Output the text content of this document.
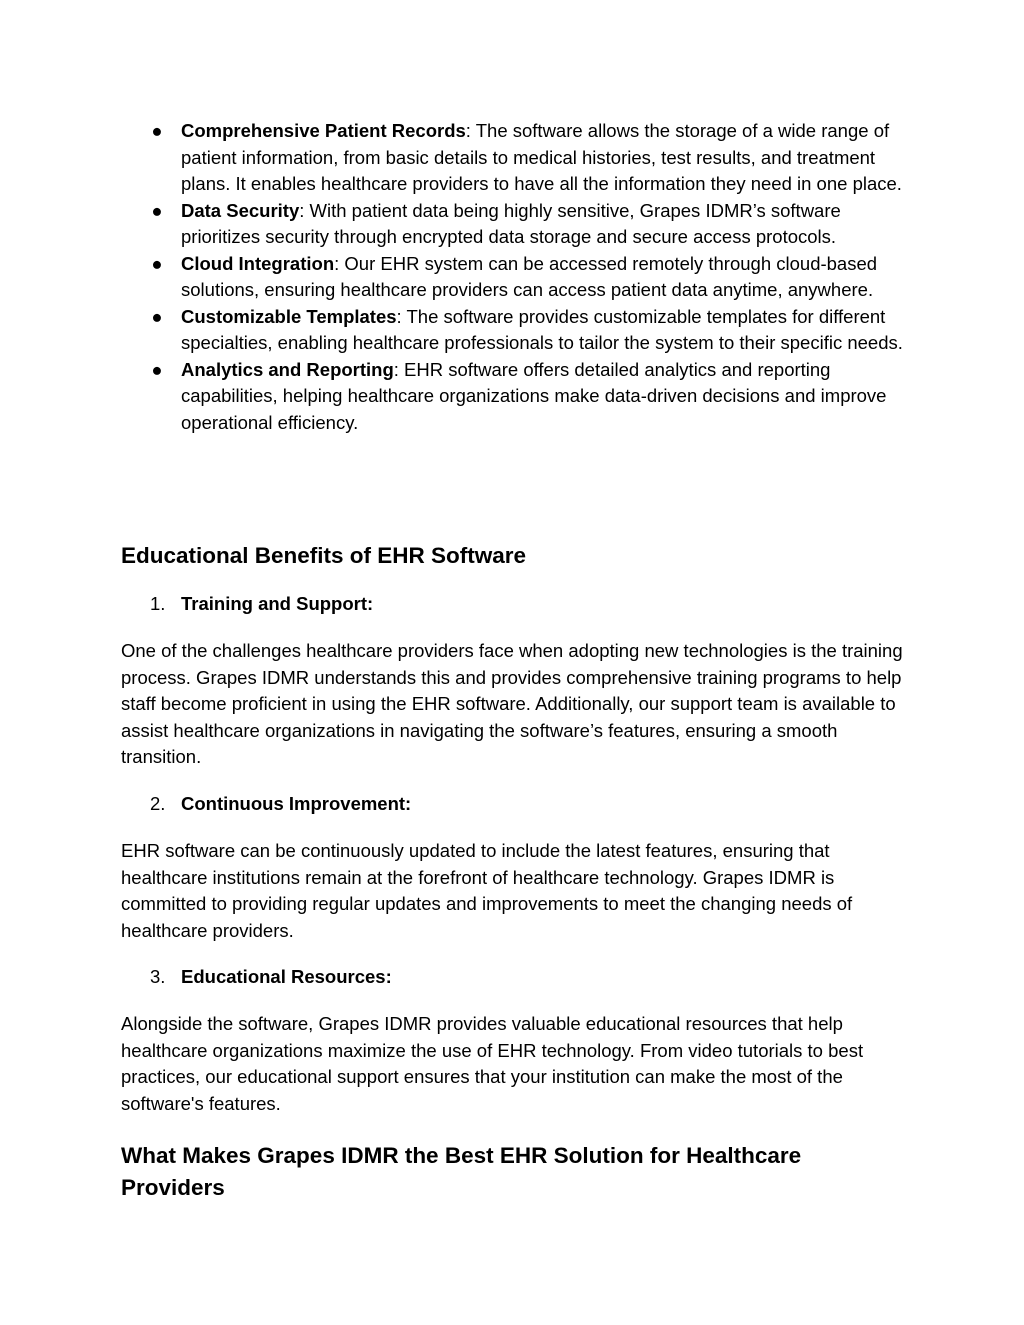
● Comprehensive Patient Records: The software allows the storage of a wide range of patient information, from basic details to medical histories, test results, and treatment plans. It enables healthcare providers to have all the information they need in one place.
● Data Security: With patient data being highly sensitive, Grapes IDMR’s software prioritizes security through encrypted data storage and secure access protocols.
● Cloud Integration: Our EHR system can be accessed remotely through cloud-based solutions, ensuring healthcare providers can access patient data anytime, anywhere.
● Customizable Templates: The software provides customizable templates for different specialties, enabling healthcare professionals to tailor the system to their specific needs.
● Analytics and Reporting: EHR software offers detailed analytics and reporting capabilities, helping healthcare organizations make data-driven decisions and improve operational efficiency.
Educational Benefits of EHR Software
1. Training and Support:

One of the challenges healthcare providers face when adopting new technologies is the training process. Grapes IDMR understands this and provides comprehensive training programs to help staff become proficient in using the EHR software. Additionally, our support team is available to assist healthcare organizations in navigating the software’s features, ensuring a smooth transition.

2. Continuous Improvement:

EHR software can be continuously updated to include the latest features, ensuring that healthcare institutions remain at the forefront of healthcare technology. Grapes IDMR is committed to providing regular updates and improvements to meet the changing needs of healthcare providers.

3. Educational Resources:

Alongside the software, Grapes IDMR provides valuable educational resources that help healthcare organizations maximize the use of EHR technology. From video tutorials to best practices, our educational support ensures that your institution can make the most of the software's features.

What Makes Grapes IDMR the Best EHR Solution for Healthcare Providers
